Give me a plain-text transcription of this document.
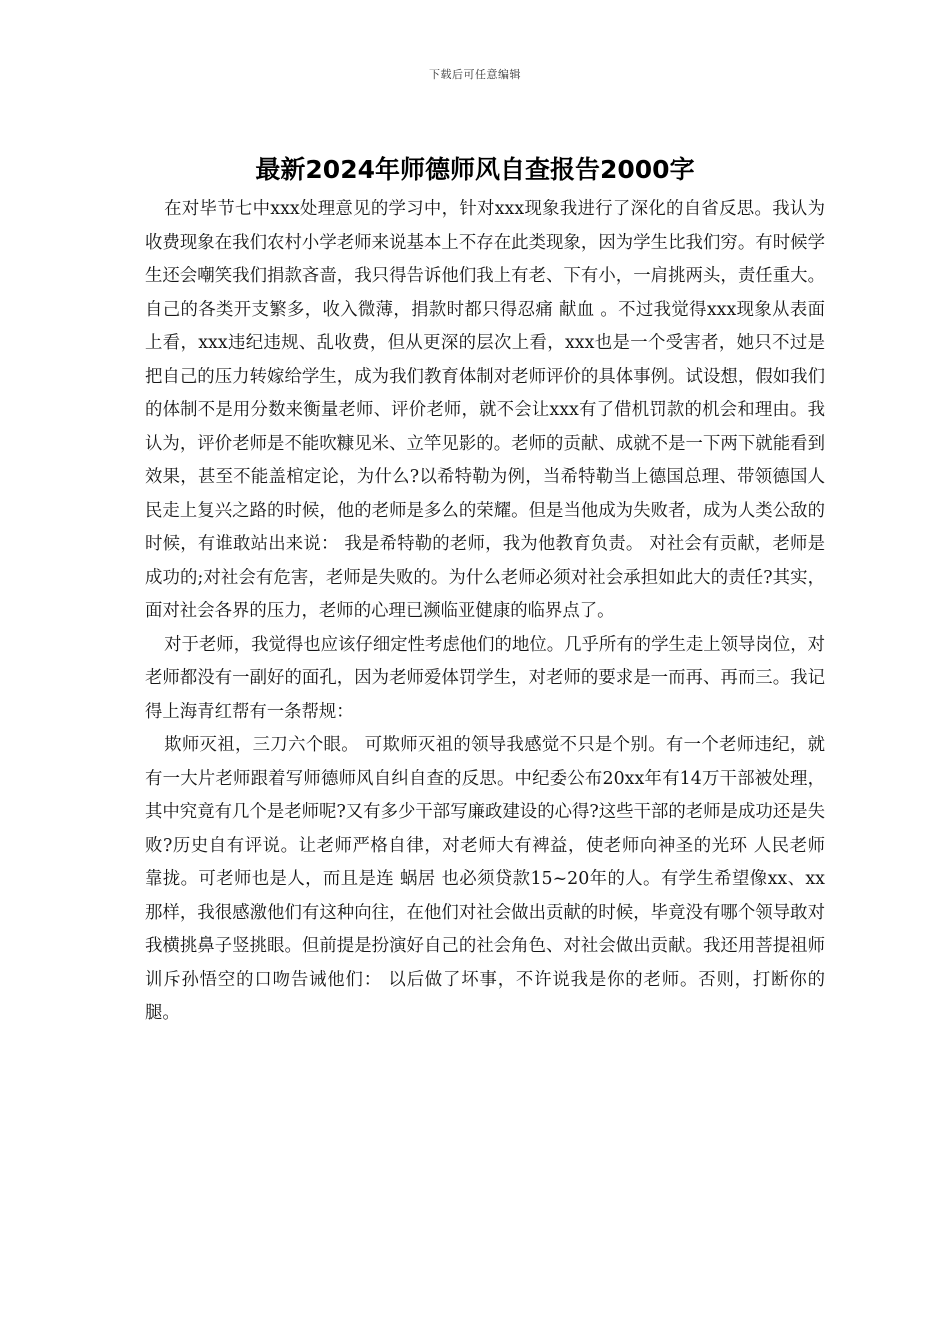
下载后可任意编辑
最新2024年师德师风自查报告2000字

在对毕节七中xxx处理意见的学习中，针对xxx现象我进行了深化的自省反思。我认为收费现象在我们农村小学老师来说基本上不存在此类现象，因为学生比我们穷。有时候学生还会嘲笑我们捐款吝啬，我只得告诉他们我上有老、下有小，一肩挑两头，责任重大。自己的各类开支繁多，收入微薄，捐款时都只得忍痛 献血 。不过我觉得xxx现象从表面上看，xxx违纪违规、乱收费，但从更深的层次上看，xxx也是一个受害者，她只不过是把自己的压力转嫁给学生，成为我们教育体制对老师评价的具体事例。试设想，假如我们的体制不是用分数来衡量老师、评价老师，就不会让xxx有了借机罚款的机会和理由。我认为，评价老师是不能吹糠见米、立竿见影的。老师的贡献、成就不是一下两下就能看到效果，甚至不能盖棺定论，为什么?以希特勒为例，当希特勒当上德国总理、带领德国人民走上复兴之路的时候，他的老师是多么的荣耀。但是当他成为失败者，成为人类公敌的时候，有谁敢站出来说： 我是希特勒的老师，我为他教育负责。 对社会有贡献，老师是成功的;对社会有危害，老师是失败的。为什么老师必须对社会承担如此大的责任?其实，面对社会各界的压力，老师的心理已濒临亚健康的临界点了。

对于老师，我觉得也应该仔细定性考虑他们的地位。几乎所有的学生走上领导岗位，对老师都没有一副好的面孔，因为老师爱体罚学生，对老师的要求是一而再、再而三。我记得上海青红帮有一条帮规：

欺师灭祖，三刀六个眼。 可欺师灭祖的领导我感觉不只是个别。有一个老师违纪，就有一大片老师跟着写师德师风自纠自查的反思。中纪委公布20xx年有14万干部被处理，其中究竟有几个是老师呢?又有多少干部写廉政建设的心得?这些干部的老师是成功还是失败?历史自有评说。让老师严格自律，对老师大有裨益，使老师向神圣的光环 人民老师 靠拢。可老师也是人，而且是连 蜗居 也必须贷款15~20年的人。有学生希望像xx、xx那样，我很感激他们有这种向往，在他们对社会做出贡献的时候，毕竟没有哪个领导敢对我横挑鼻子竖挑眼。但前提是扮演好自己的社会角色、对社会做出贡献。我还用菩提祖师训斥孙悟空的口吻告诫他们： 以后做了坏事，不许说我是你的老师。否则，打断你的腿。
